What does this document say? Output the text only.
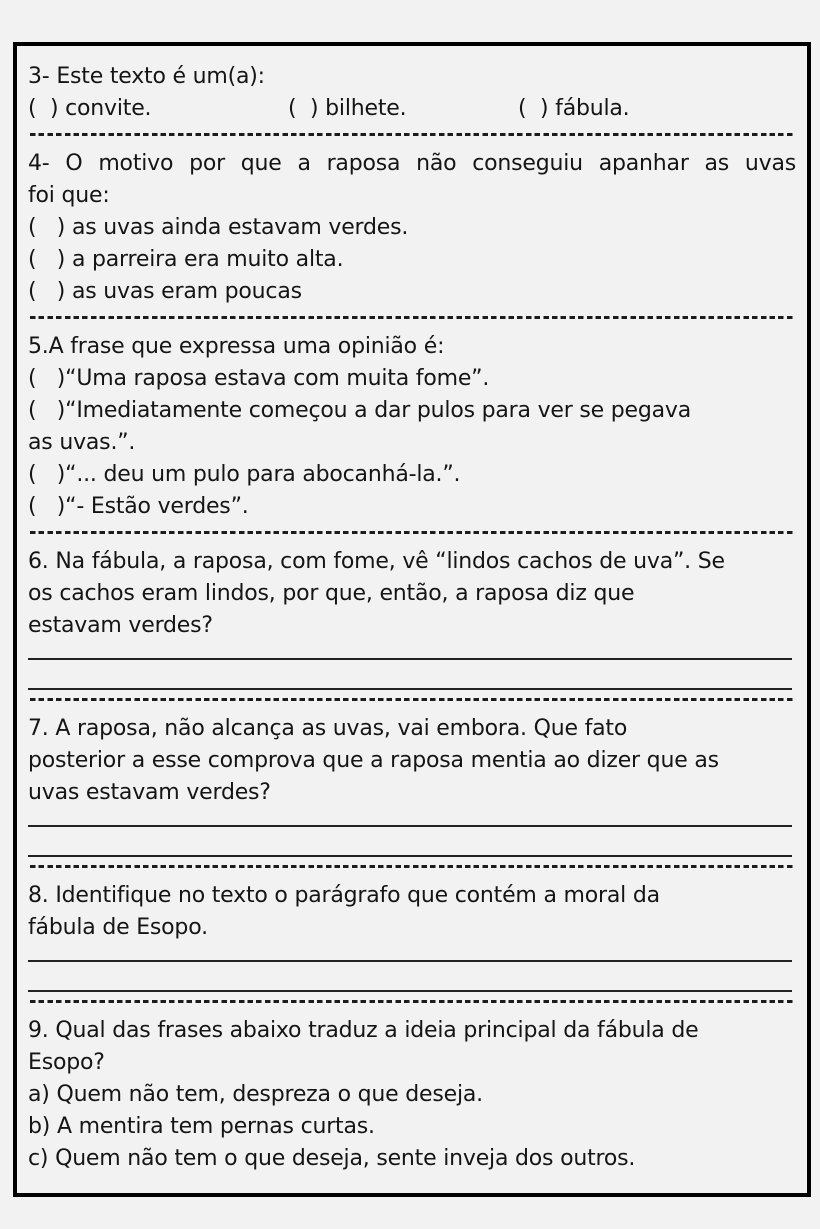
3- Este texto é um(a):
(  ) convite.	(  ) bilhete.	(  ) fábula.
4- O motivo por que a raposa não conseguiu apanhar as uvas
foi que:
(   ) as uvas ainda estavam verdes.
(   ) a parreira era muito alta.
(   ) as uvas eram poucas
5.A frase que expressa uma opinião é:
(   )“Uma raposa estava com muita fome”.
(   )“Imediatamente começou a dar pulos para ver se pegava
as uvas.”.
(   )“... deu um pulo para abocanhá-la.”.
(   )“- Estão verdes”.
6. Na fábula, a raposa, com fome, vê “lindos cachos de uva”. Se
os cachos eram lindos, por que, então, a raposa diz que
estavam verdes?
7. A raposa, não alcança as uvas, vai embora. Que fato
posterior a esse comprova que a raposa mentia ao dizer que as
uvas estavam verdes?
8. Identifique no texto o parágrafo que contém a moral da
fábula de Esopo.
9. Qual das frases abaixo traduz a ideia principal da fábula de
Esopo?
a) Quem não tem, despreza o que deseja.
b) A mentira tem pernas curtas.
c) Quem não tem o que deseja, sente inveja dos outros.
